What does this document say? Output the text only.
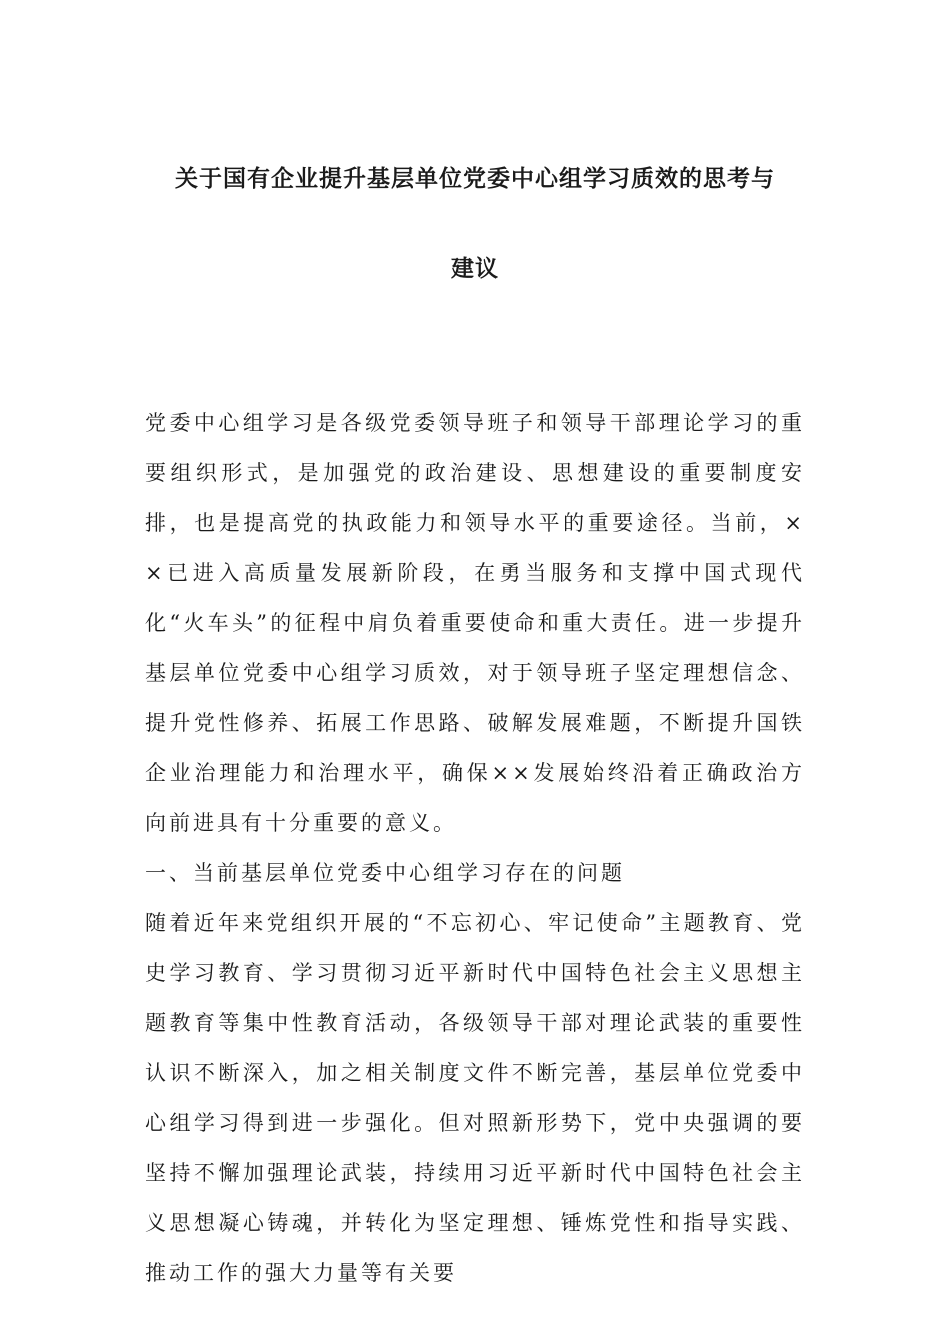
关于国有企业提升基层单位党委中心组学习质效的思考与
建议

党委中心组学习是各级党委领导班子和领导干部理论学习的重要组织形式，是加强党的政治建设、思想建设的重要制度安排，也是提高党的执政能力和领导水平的重要途径。当前，××已进入高质量发展新阶段，在勇当服务和支撑中国式现代化“火车头”的征程中肩负着重要使命和重大责任。进一步提升基层单位党委中心组学习质效，对于领导班子坚定理想信念、提升党性修养、拓展工作思路、破解发展难题，不断提升国铁企业治理能力和治理水平，确保××发展始终沿着正确政治方向前进具有十分重要的意义。

一、当前基层单位党委中心组学习存在的问题

随着近年来党组织开展的“不忘初心、牢记使命”主题教育、党史学习教育、学习贯彻习近平新时代中国特色社会主义思想主题教育等集中性教育活动，各级领导干部对理论武装的重要性认识不断深入，加之相关制度文件不断完善，基层单位党委中心组学习得到进一步强化。但对照新形势下，党中央强调的要坚持不懈加强理论武装，持续用习近平新时代中国特色社会主义思想凝心铸魂，并转化为坚定理想、锤炼党性和指导实践、推动工作的强大力量等有关要
